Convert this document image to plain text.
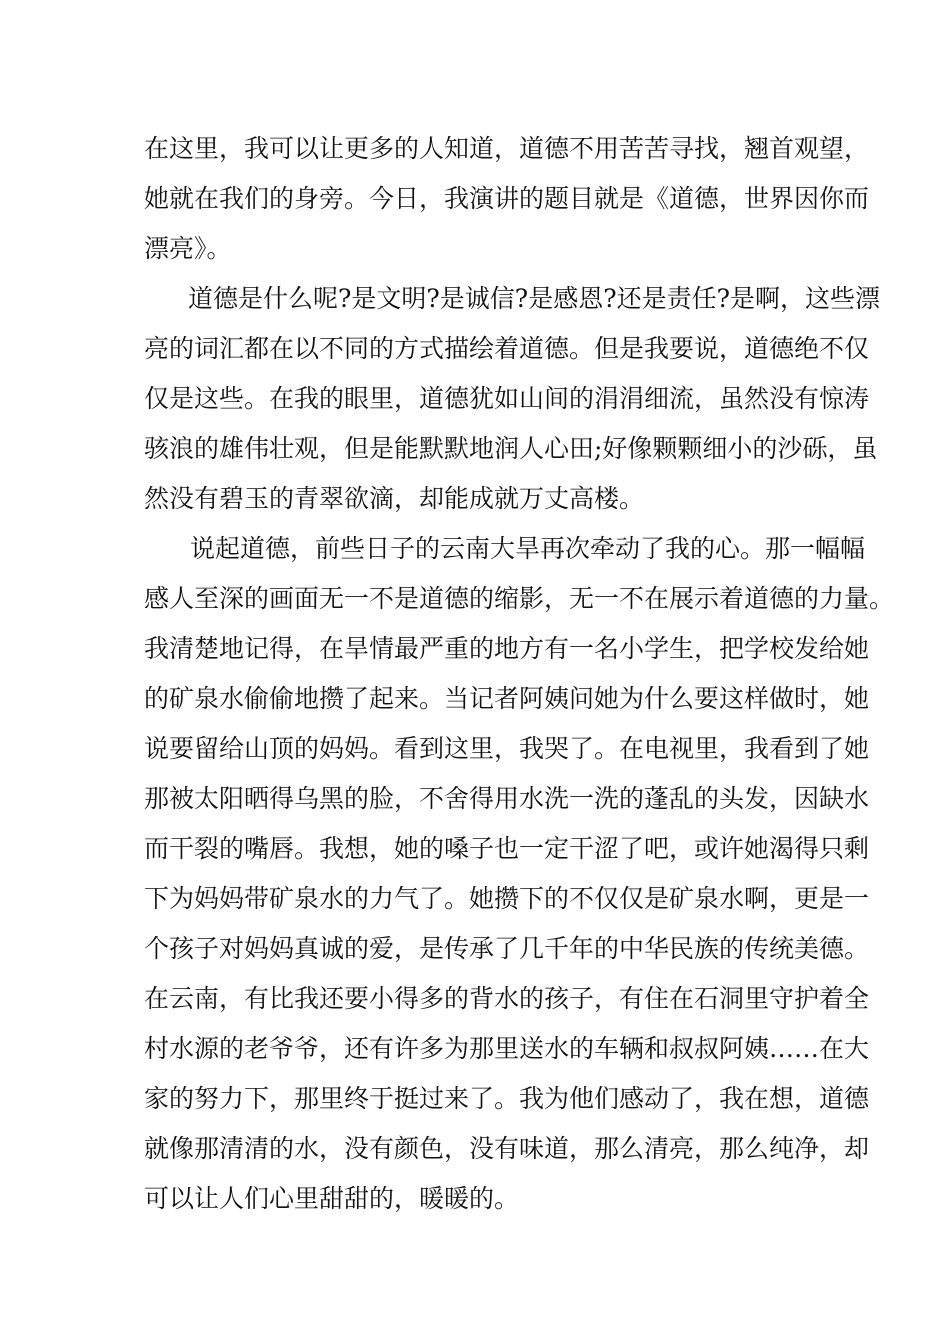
在这里，我可以让更多的人知道，道德不用苦苦寻找，翘首观望，
她就在我们的身旁。今日，我演讲的题目就是《道德，世界因你而
漂亮》。
道德是什么呢?是文明?是诚信?是感恩?还是责任?是啊，这些漂
亮的词汇都在以不同的方式描绘着道德。但是我要说，道德绝不仅
仅是这些。在我的眼里，道德犹如山间的涓涓细流，虽然没有惊涛
骇浪的雄伟壮观，但是能默默地润人心田;好像颗颗细小的沙砾，虽
然没有碧玉的青翠欲滴，却能成就万丈高楼。
说起道德，前些日子的云南大旱再次牵动了我的心。那一幅幅
感人至深的画面无一不是道德的缩影，无一不在展示着道德的力量。
我清楚地记得，在旱情最严重的地方有一名小学生，把学校发给她
的矿泉水偷偷地攒了起来。当记者阿姨问她为什么要这样做时，她
说要留给山顶的妈妈。看到这里，我哭了。在电视里，我看到了她
那被太阳晒得乌黑的脸，不舍得用水洗一洗的蓬乱的头发，因缺水
而干裂的嘴唇。我想，她的嗓子也一定干涩了吧，或许她渴得只剩
下为妈妈带矿泉水的力气了。她攒下的不仅仅是矿泉水啊，更是一
个孩子对妈妈真诚的爱，是传承了几千年的中华民族的传统美德。
在云南，有比我还要小得多的背水的孩子，有住在石洞里守护着全
村水源的老爷爷，还有许多为那里送水的车辆和叔叔阿姨……在大
家的努力下，那里终于挺过来了。我为他们感动了，我在想，道德
就像那清清的水，没有颜色，没有味道，那么清亮，那么纯净，却
可以让人们心里甜甜的，暖暖的。
